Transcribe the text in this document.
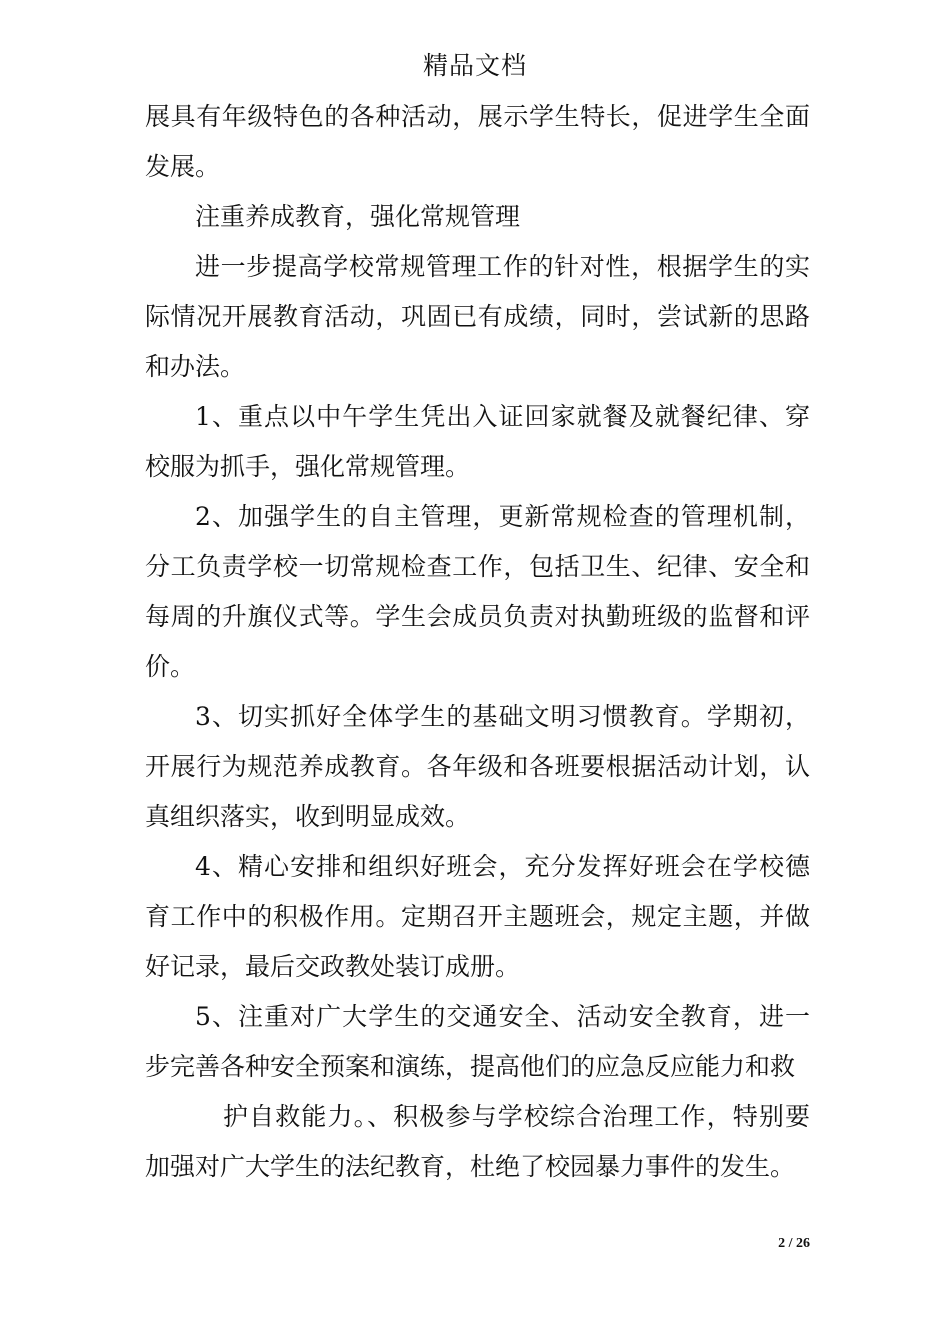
精品文档

展具有年级特色的各种活动，展示学生特长，促进学生全面发展。

注重养成教育，强化常规管理

进一步提高学校常规管理工作的针对性，根据学生的实际情况开展教育活动，巩固已有成绩，同时，尝试新的思路和办法。

1、重点以中午学生凭出入证回家就餐及就餐纪律、穿校服为抓手，强化常规管理。

2、加强学生的自主管理，更新常规检查的管理机制，分工负责学校一切常规检查工作，包括卫生、纪律、安全和每周的升旗仪式等。学生会成员负责对执勤班级的监督和评价。

3、切实抓好全体学生的基础文明习惯教育。学期初，开展行为规范养成教育。各年级和各班要根据活动计划，认真组织落实，收到明显成效。

4、精心安排和组织好班会，充分发挥好班会在学校德育工作中的积极作用。定期召开主题班会，规定主题，并做好记录，最后交政教处装订成册。

5、注重对广大学生的交通安全、活动安全教育，进一步完善各种安全预案和演练，提高他们的应急反应能力和救

护自救能力。、积极参与学校综合治理工作，特别要加强对广大学生的法纪教育，杜绝了校园暴力事件的发生。

2 / 26
